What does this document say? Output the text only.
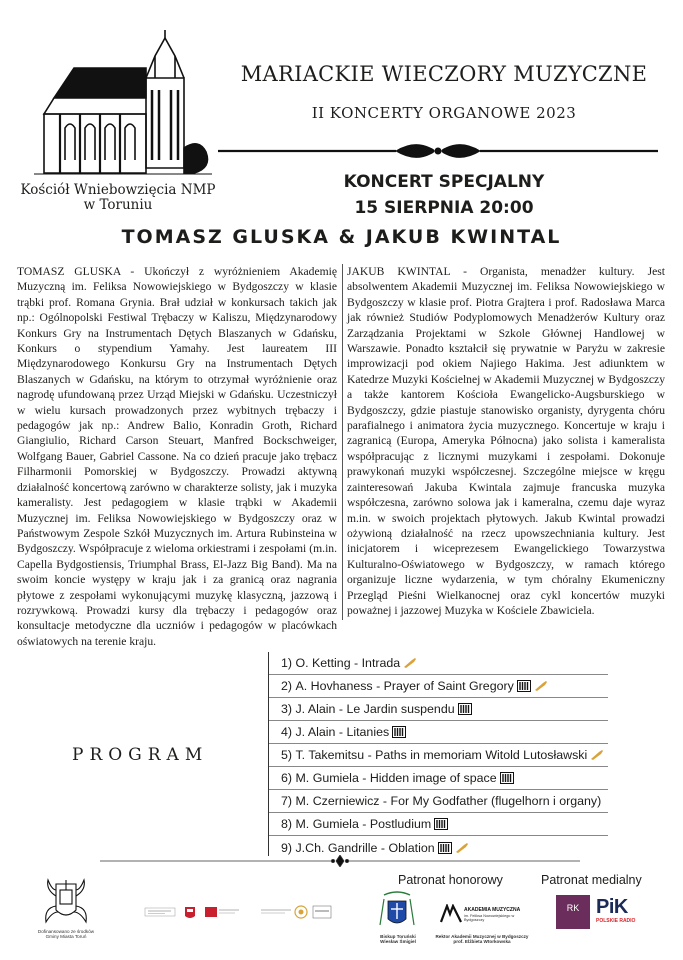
Kościół Wniebowzięcia NMP
w Toruniu
MARIACKIE WIECZORY MUZYCZNE
II KONCERTY ORGANOWE 2023
KONCERT SPECJALNY
15 SIERPNIA 20:00
TOMASZ GLUSKA & JAKUB KWINTAL
TOMASZ GLUSKA - Ukończył z wyróżnieniem Akademię Muzyczną im. Feliksa Nowowiejskiego w Bydgoszczy w klasie trąbki prof. Romana Grynia. Brał udział w konkursach takich jak np.: Ogólnopolski Festiwal Trębaczy w Kaliszu, Międzynarodowy Konkurs Gry na Instrumentach Dętych Blaszanych w Gdańsku, Konkurs o stypendium Yamahy. Jest laureatem III Międzynarodowego Konkursu Gry na Instrumentach Dętych Blaszanych w Gdańsku, na którym to otrzymał wyróżnienie oraz nagrodę ufundowaną przez Urząd Miejski w Gdańsku. Uczestniczył w wielu kursach prowadzonych przez wybitnych trębaczy i pedagogów jak np.: Andrew Balio, Konradin Groth, Richard Giangiulio, Richard Carson Steuart, Manfred Bockschweiger, Wolfgang Bauer, Gabriel Cassone. Na co dzień pracuje jako trębacz Filharmonii Pomorskiej w Bydgoszczy. Prowadzi aktywną działalność koncertową zarówno w charakterze solisty, jak i muzyka kameralisty. Jest pedagogiem w klasie trąbki w Akademii Muzycznej im. Feliksa Nowowiejskiego w Bydgoszczy oraz w Państwowym Zespole Szkół Muzycznych im. Artura Rubinsteina w Bydgoszczy. Współpracuje z wieloma orkiestrami i zespołami (m.in. Capella Bydgostiensis, Triumphal Brass, El-Jazz Big Band). Ma na swoim koncie występy w kraju jak i za granicą oraz nagrania płytowe z zespołami wykonującymi muzykę klasyczną, jazzową i rozrywkową. Prowadzi kursy dla trębaczy i pedagogów oraz konsultacje metodyczne dla uczniów i pedagogów w placówkach oświatowych na terenie kraju.
JAKUB KWINTAL - Organista, menadżer kultury. Jest absolwentem Akademii Muzycznej im. Feliksa Nowowiejskiego w Bydgoszczy w klasie prof. Piotra Grajtera i prof. Radosława Marca jak również Studiów Podyplomowych Menadżerów Kultury oraz Zarządzania Projektami w Szkole Głównej Handlowej w Warszawie. Ponadto kształcił się prywatnie w Paryżu w zakresie improwizacji pod okiem Najiego Hakima. Jest adiunktem w Katedrze Muzyki Kościelnej w Akademii Muzycznej w Bydgoszczy a także kantorem Kościoła Ewangelicko-Augsburskiego w Bydgoszczy, gdzie piastuje stanowisko organisty, dyrygenta chóru parafialnego i animatora życia muzycznego. Koncertuje w kraju i zagranicą (Europa, Ameryka Północna) jako solista i kameralista współpracując z licznymi muzykami i zespołami. Dokonuje prawykonań muzyki współczesnej. Szczególne miejsce w kręgu zainteresowań Jakuba Kwintala zajmuje francuska muzyka współczesna, zarówno solowa jak i kameralna, czemu daje wyraz m.in. w swoich projektach płytowych. Jakub Kwintal prowadzi ożywioną działalność na rzecz upowszechniania kultury. Jest inicjatorem i wiceprezesem Ewangelickiego Towarzystwa Kulturalno-Oświatowego w Bydgoszczy, w ramach którego organizuje liczne wydarzenia, w tym chóralny Ekumeniczny Przegląd Pieśni Wielkanocnej oraz cykl koncertów muzyki poważnej i jazzowej Muzyka w Kościele Zbawiciela.
PROGRAM
1)
O. Ketting - Intrada
2)
A. Hovhaness - Prayer of Saint Gregory
3)
J. Alain - Le Jardin suspendu
4)
J. Alain - Litanies
5)
T. Takemitsu - Paths in memoriam Witold Lutosławski
6)
M. Gumiela - Hidden image of space
7)
M. Czerniewicz - For My Godfather (flugelhorn i organy)
8)
M. Gumiela - Postludium
9)
J.Ch. Gandrille - Oblation
Dofinansowano ze środków
Gminy Miasta Toruń
Patronat honorowy	Patronat medialny
Biskup Toruński
Wiesław Śmigiel
AKADEMIA MUZYCZNA
im. Feliksa Nowowiejskiego w Bydgoszczy
Rektor Akademii Muzycznej w Bydgoszczy
prof. Elżbieta Wtorkowska
RK PiK
POLSKIE RADIO
